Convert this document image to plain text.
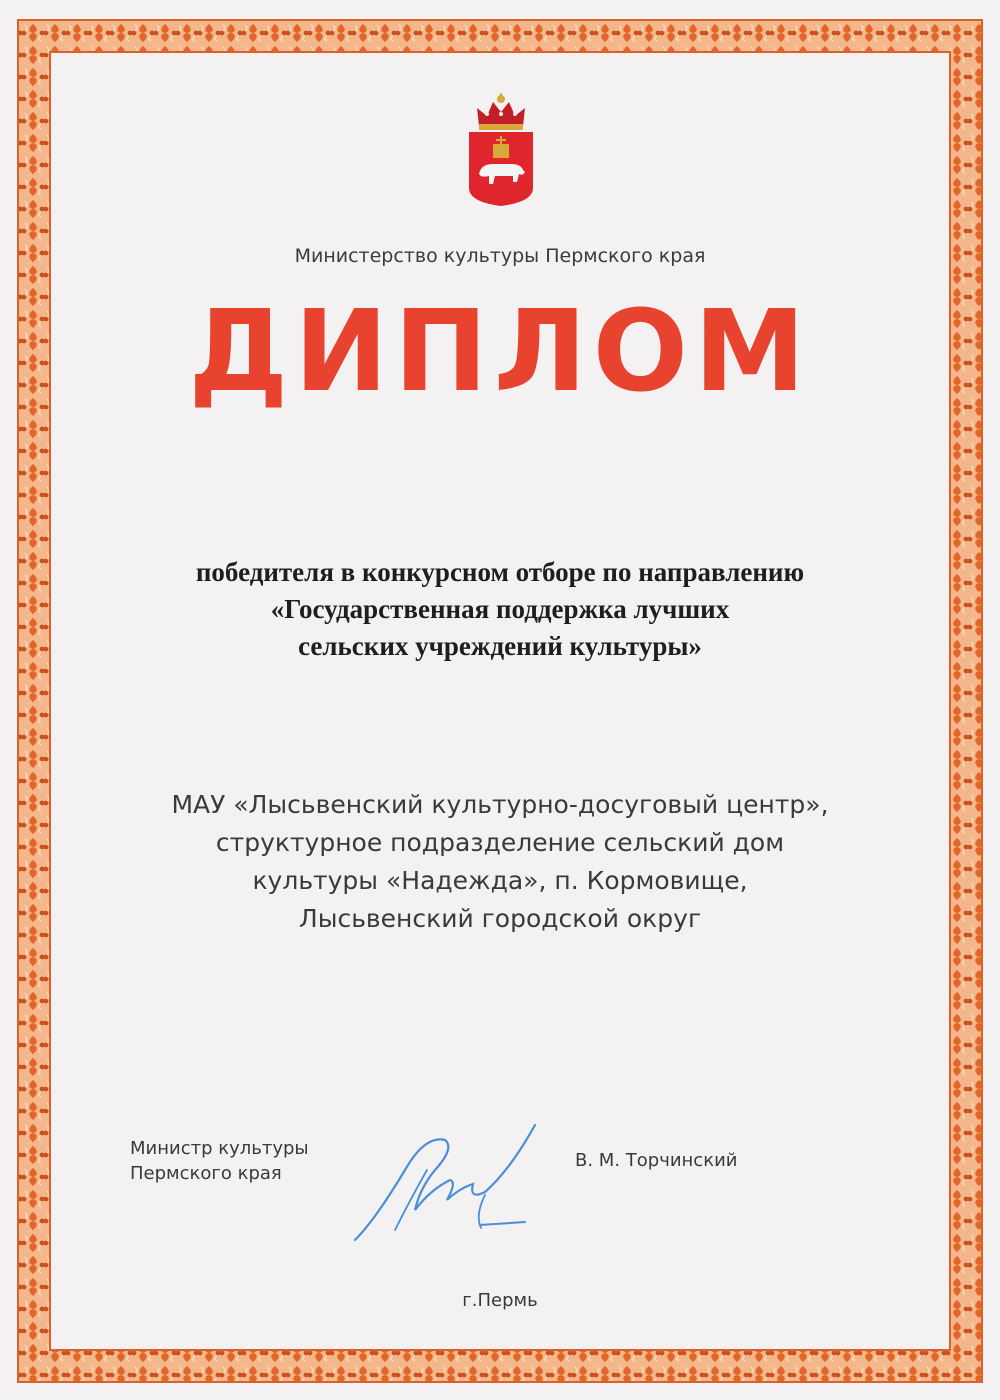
Министерство культуры Пермского края
ДИПЛОМ
победителя в конкурсном отборе по направлению
«Государственная поддержка лучших
сельских учреждений культуры»
МАУ «Лысьвенский культурно-досуговый центр»,
структурное подразделение сельский дом
культуры «Надежда», п. Кормовище,
Лысьвенский городской округ
Министр культуры
Пермского края
В. М. Торчинский
г.Пермь
